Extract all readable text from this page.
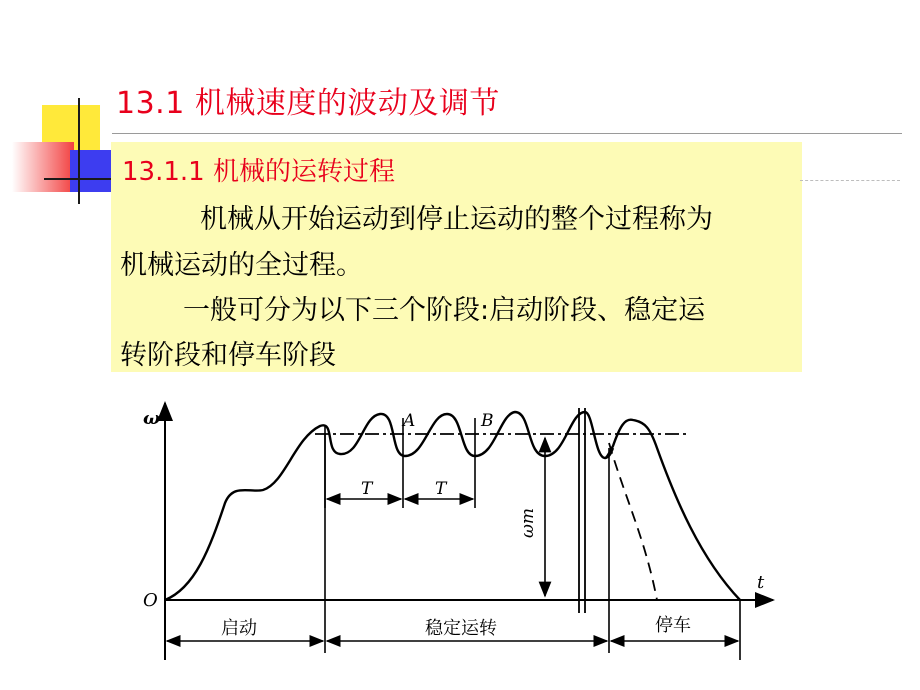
13.1 机械速度的波动及调节
13.1.1 机械的运转过程
机械从开始运动到停止运动的整个过程称为
机械运动的全过程。
一般可分为以下三个阶段:启动阶段、稳定运
转阶段和停车阶段
ω
t
O
A	B
T	T
ωm
启动	稳定运转	停车
